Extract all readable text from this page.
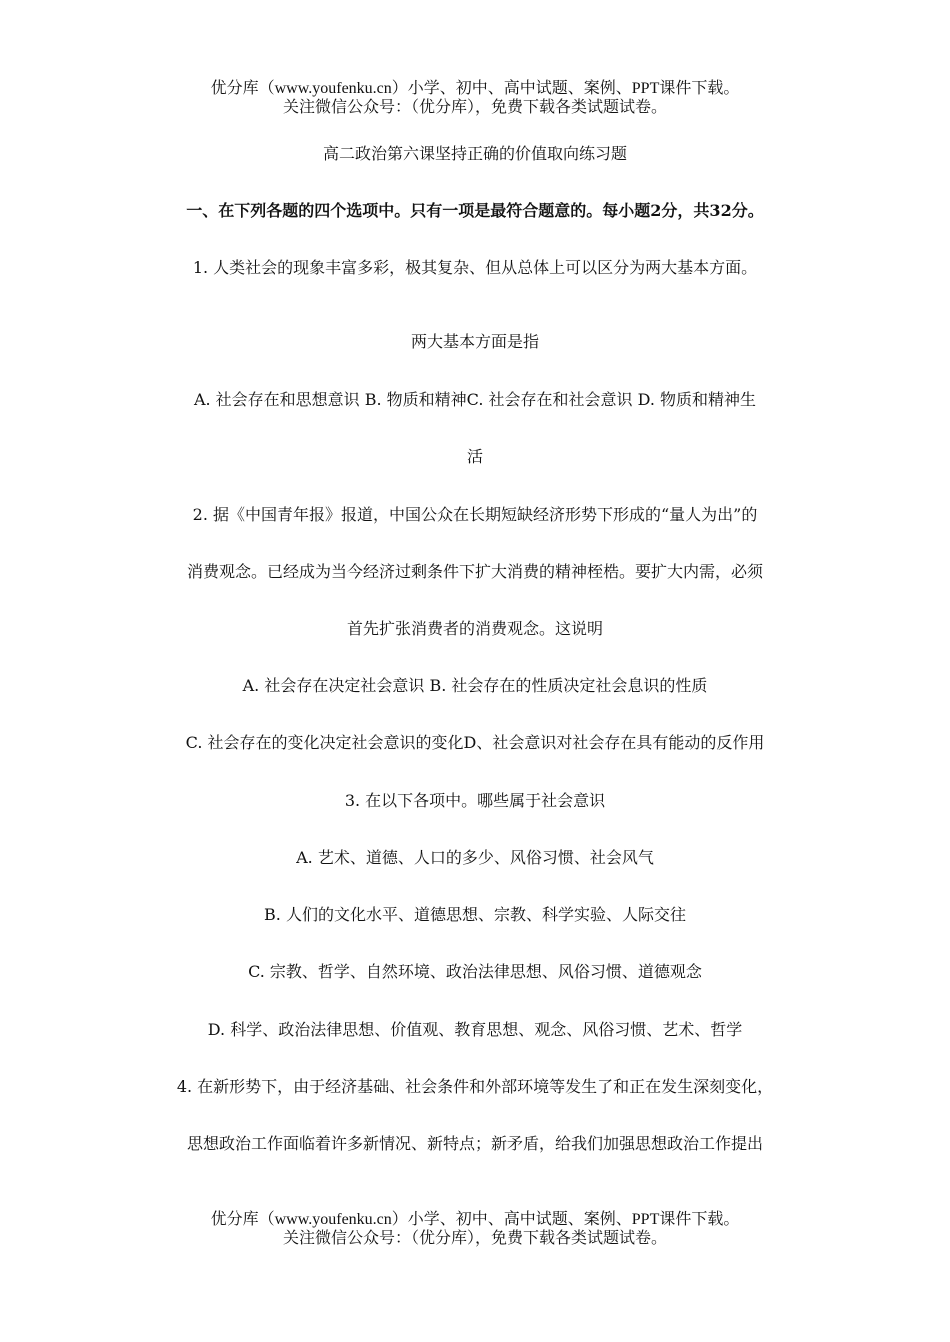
优分库（www.youfenku.cn）小学、初中、高中试题、案例、PPT课件下载。
关注微信公众号：（优分库），免费下载各类试题试卷。
高二政治第六课坚持正确的价值取向练习题
一、在下列各题的四个选项中。只有一项是最符合题意的。每小题2分，共32分。
1. 人类社会的现象丰富多彩，极其复杂、但从总体上可以区分为两大基本方面。
两大基本方面是指
A. 社会存在和思想意识 B. 物质和精神C. 社会存在和社会意识 D. 物质和精神生
活
2. 据《中国青年报》报道，中国公众在长期短缺经济形势下形成的“量人为出”的
消费观念。已经成为当今经济过剩条件下扩大消费的精神桎梏。要扩大内需，必须
首先扩张消费者的消费观念。这说明
A. 社会存在决定社会意识 B. 社会存在的性质决定社会息识的性质
C. 社会存在的变化决定社会意识的变化D、社会意识对社会存在具有能动的反作用
3. 在以下各项中。哪些属于社会意识
A. 艺术、道德、人口的多少、风俗习惯、社会风气
B. 人们的文化水平、道德思想、宗教、科学实验、人际交往
C. 宗教、哲学、自然环境、政治法律思想、风俗习惯、道德观念
D. 科学、政治法律思想、价值观、教育思想、观念、风俗习惯、艺术、哲学
4. 在新形势下，由于经济基础、社会条件和外部环境等发生了和正在发生深刻变化，
思想政治工作面临着许多新情况、新特点；新矛盾，给我们加强思想政治工作提出
优分库（www.youfenku.cn）小学、初中、高中试题、案例、PPT课件下载。
关注微信公众号：（优分库），免费下载各类试题试卷。
